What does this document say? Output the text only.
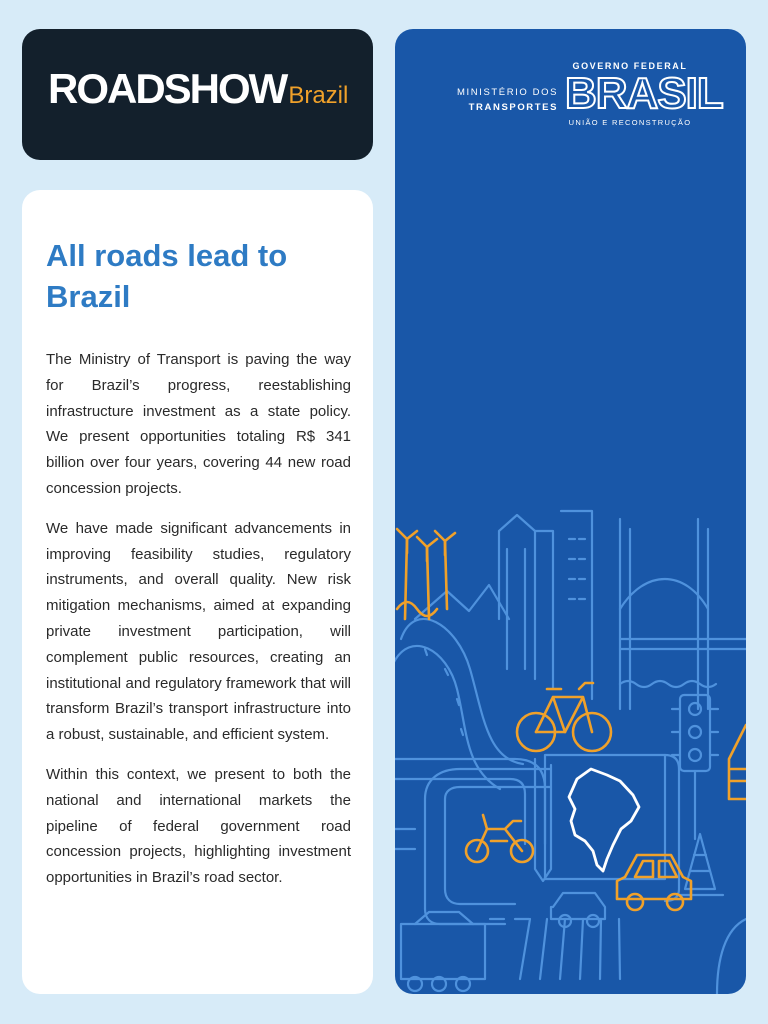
ROADSHOWBrazil
All roads lead to Brazil

The Ministry of Transport is paving the way for Brazil’s progress, reestablishing infrastructure investment as a state policy. We present opportunities totaling R$ 341 billion over four years, covering 44 new road concession projects.

We have made significant advancements in improving feasibility studies, regulatory instruments, and overall quality. New risk mitigation mechanisms, aimed at expanding private investment participation, will complement public resources, creating an institutional and regulatory framework that will transform Brazil’s transport infrastructure into a robust, sustainable, and efficient system.

Within this context, we present to both the national and international markets the pipeline of federal government road concession projects, highlighting investment opportunities in Brazil’s road sector.

MINISTÉRIO DOS
TRANSPORTES
GOVERNO FEDERAL
BRASIL
UNIÃO E RECONSTRUÇÃO
